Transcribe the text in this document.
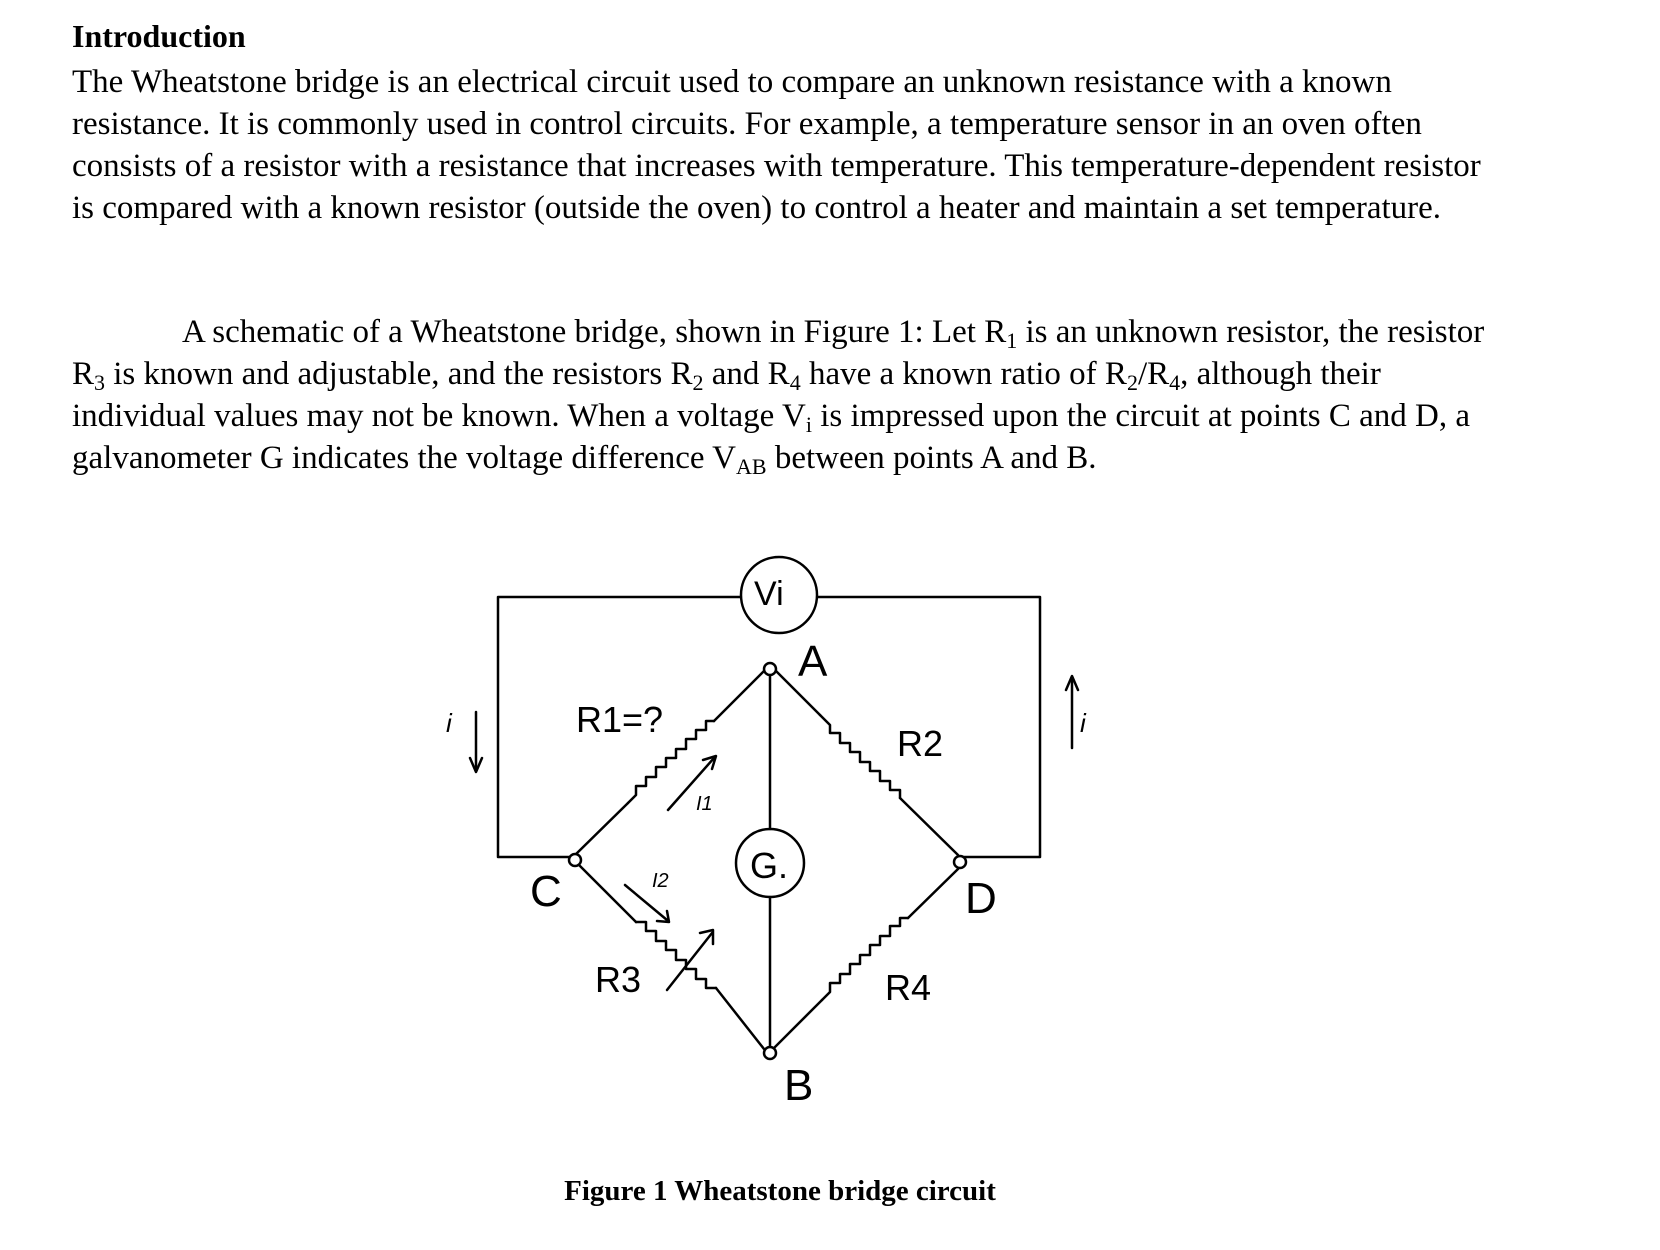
Introduction

The Wheatstone bridge is an electrical circuit used to compare an unknown resistance with a known resistance. It is commonly used in control circuits. For example, a temperature sensor in an oven often consists of a resistor with a resistance that increases with temperature. This temperature-dependent resistor is compared with a known resistor (outside the oven) to control a heater and maintain a set temperature.

A schematic of a Wheatstone bridge, shown in Figure 1: Let $R_1$ is an unknown resistor, the resistor $R_3$ is known and adjustable, and the resistors $R_2$ and $R_4$ have a known ratio of $R_2/R_4$, although their individual values may not be known. When a voltage $V_i$ is impressed upon the circuit at points C and D, a galvanometer G indicates the voltage difference $V_{AB}$ between points A and B.

Vi
G.
A
B
C	D
R1=?
R2
R3	R4
i	i
I1
I2

Figure 1 Wheatstone bridge circuit
